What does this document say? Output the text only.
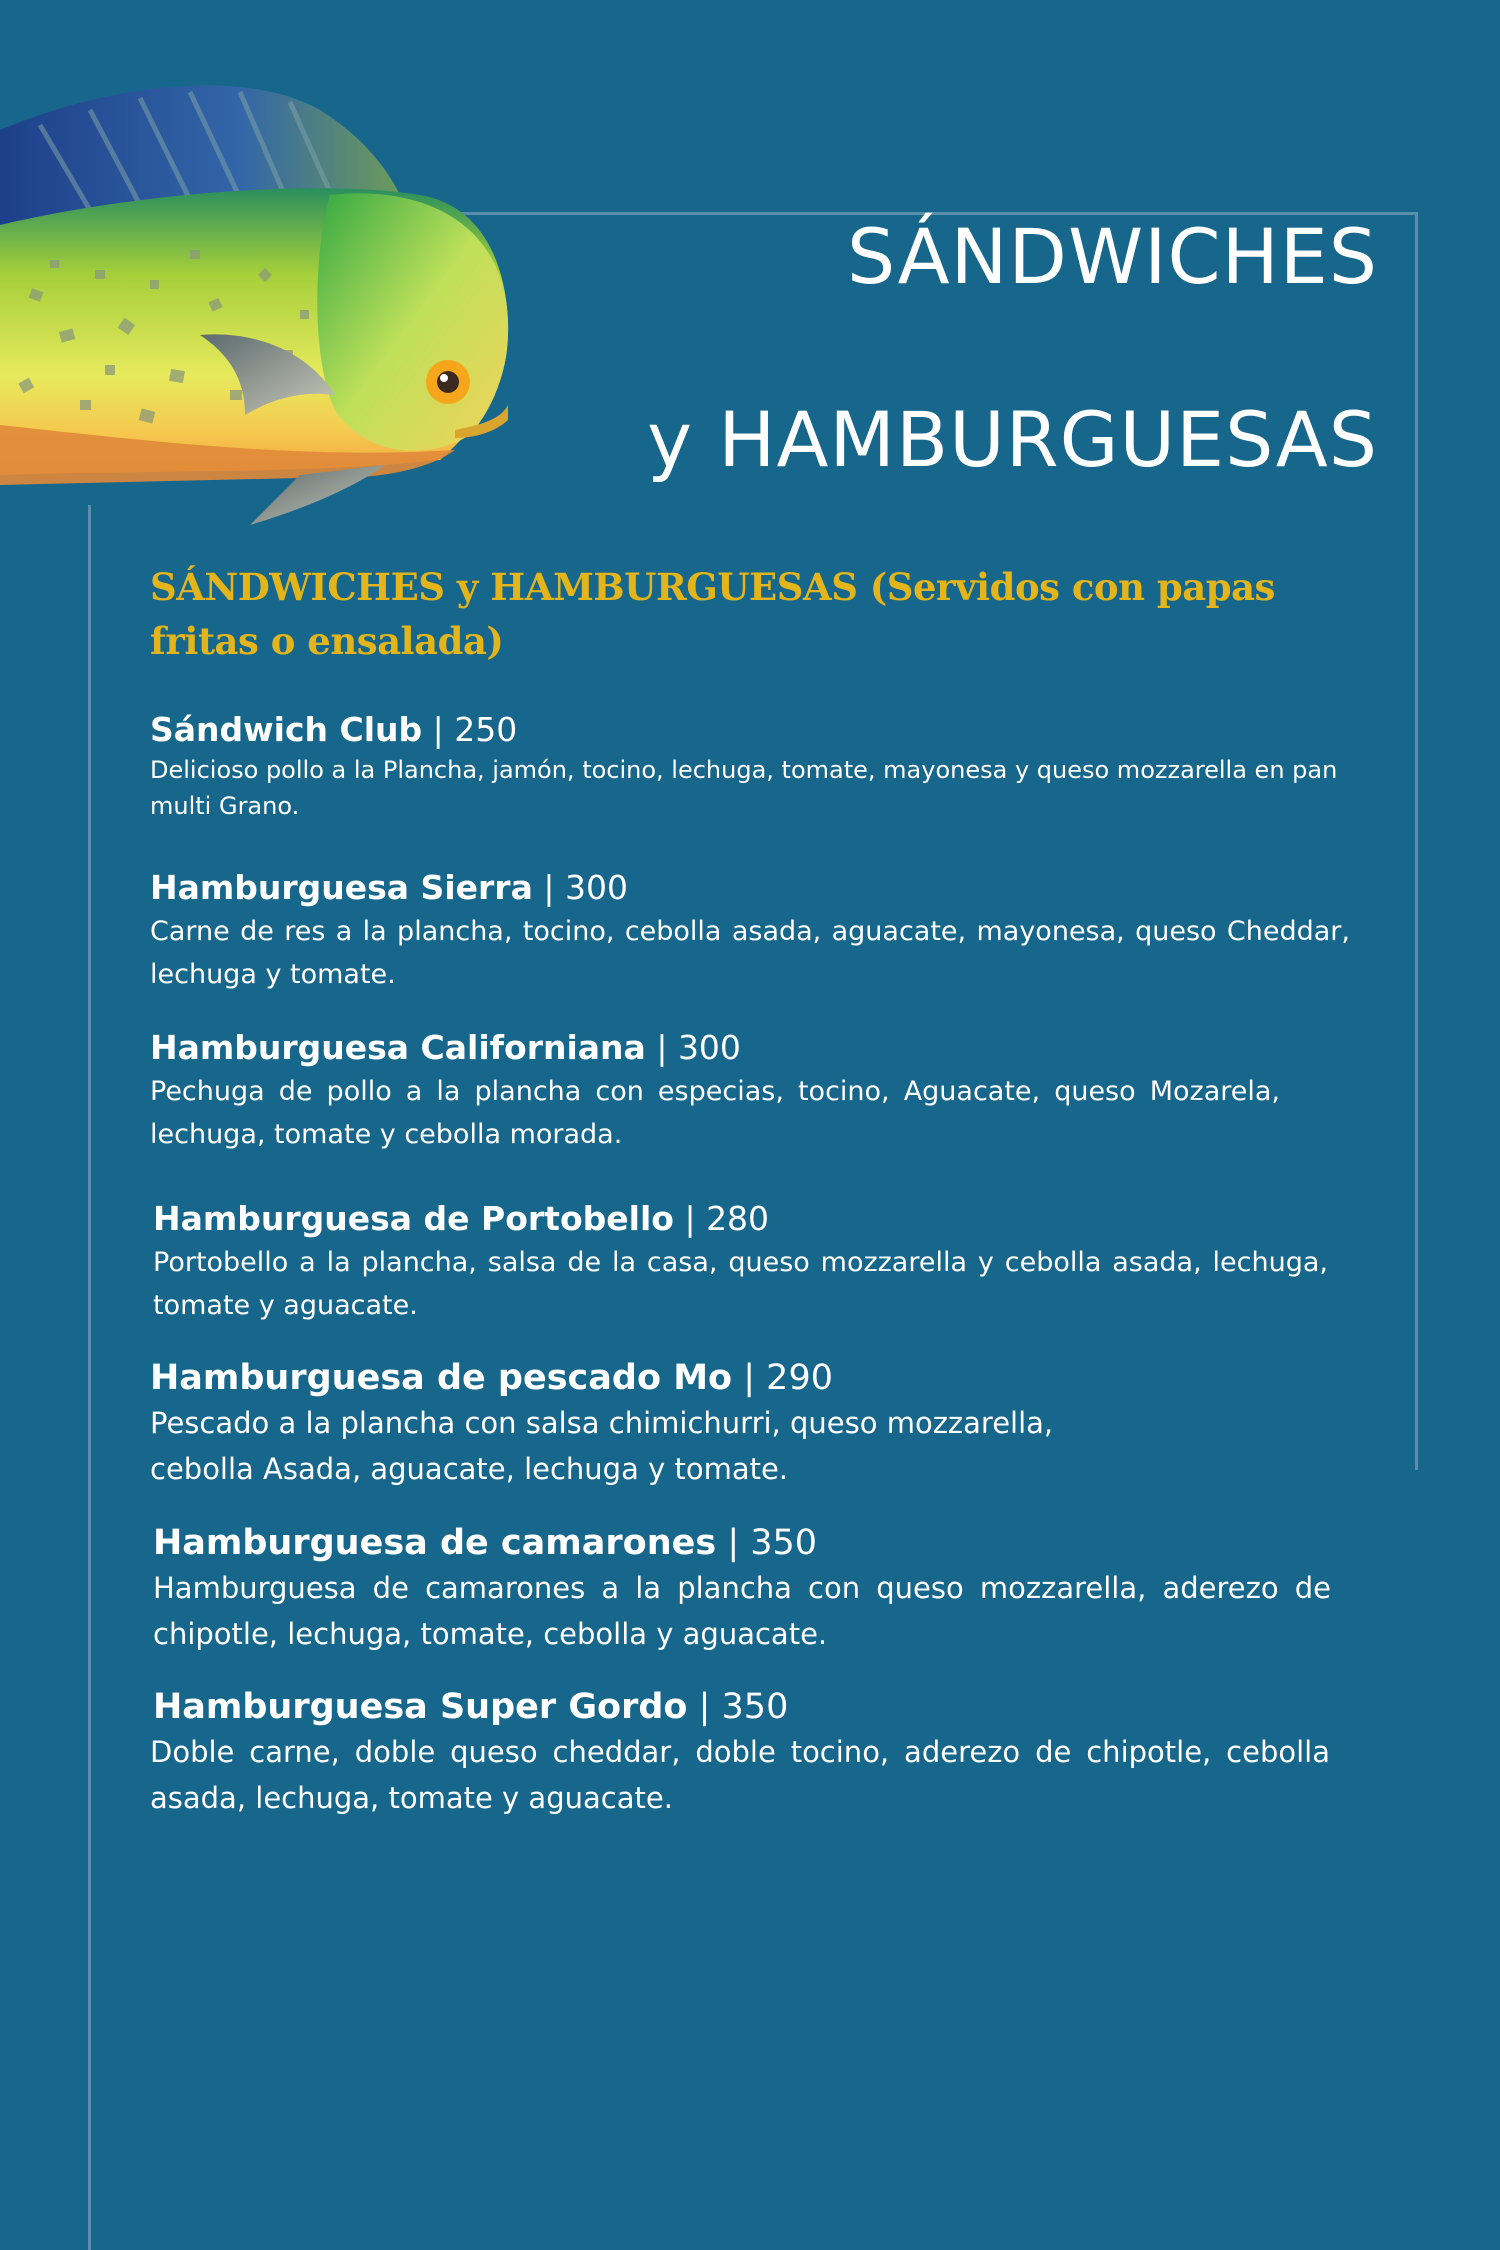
SÁNDWICHES
y HAMBURGUESAS
SÁNDWICHES y HAMBURGUESAS (Servidos con papas fritas o ensalada)

Sándwich Club | 250

Delicioso pollo a la Plancha, jamón, tocino, lechuga, tomate, mayonesa y queso mozzarella en pan multi Grano.

Hamburguesa Sierra | 300

Carne de res a la plancha, tocino, cebolla asada, aguacate, mayonesa, queso Cheddar, lechuga y tomate.

Hamburguesa Californiana | 300

Pechuga de pollo a la plancha con especias, tocino, Aguacate, queso Mozarela, lechuga, tomate y cebolla morada.

Hamburguesa de Portobello | 280

Portobello a la plancha, salsa de la casa, queso mozzarella y cebolla asada, lechuga, tomate y aguacate.

Hamburguesa de pescado Mo | 290

Pescado a la plancha con salsa chimichurri, queso mozzarella, cebolla Asada, aguacate, lechuga y tomate.

Hamburguesa de camarones | 350

Hamburguesa de camarones a la plancha con queso mozzarella, aderezo de chipotle, lechuga, tomate, cebolla y aguacate.

Hamburguesa Super Gordo | 350

Doble carne, doble queso cheddar, doble tocino, aderezo de chipotle, cebolla asada, lechuga, tomate y aguacate.
